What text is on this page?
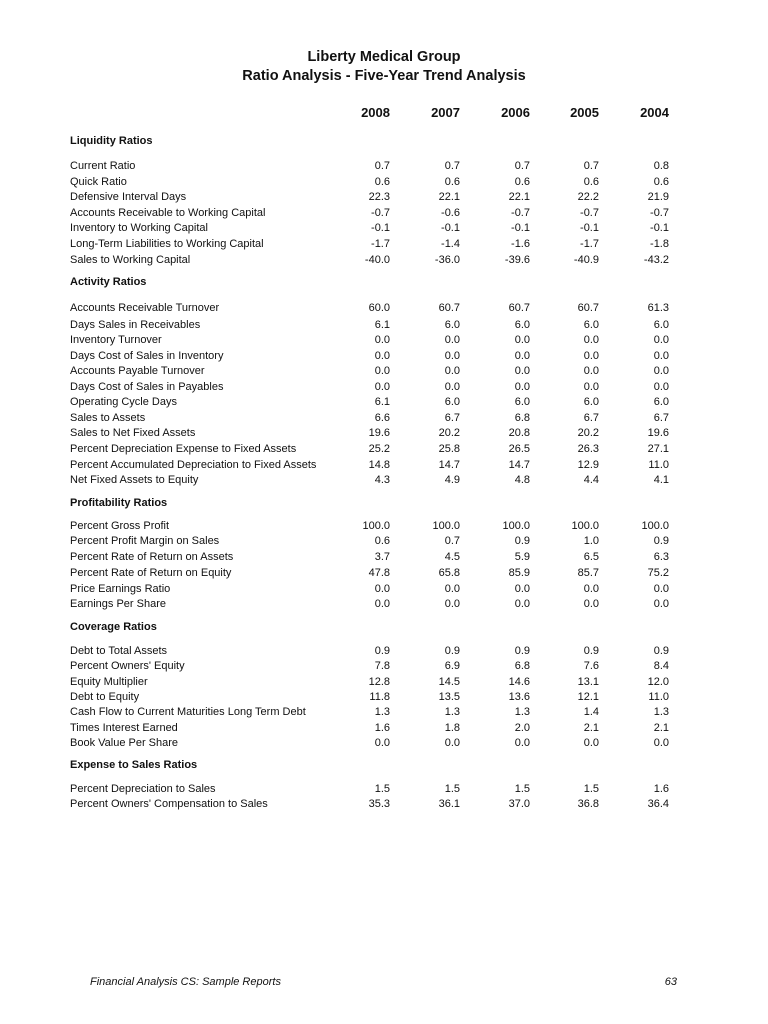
Liberty Medical Group
Ratio Analysis - Five-Year Trend Analysis
2008	2007	2006	2005	2004
Liquidity Ratios
Current Ratio	0.7	0.7	0.7	0.7	0.8
Quick Ratio	0.6	0.6	0.6	0.6	0.6
Defensive Interval Days	22.3	22.1	22.1	22.2	21.9
Accounts Receivable to Working Capital	-0.7	-0.6	-0.7	-0.7	-0.7
Inventory to Working Capital	-0.1	-0.1	-0.1	-0.1	-0.1
Long-Term Liabilities to Working Capital	-1.7	-1.4	-1.6	-1.7	-1.8
Sales to Working Capital	-40.0	-36.0	-39.6	-40.9	-43.2
Activity Ratios
Accounts Receivable Turnover	60.0	60.7	60.7	60.7	61.3
Days Sales in Receivables	6.1	6.0	6.0	6.0	6.0
Inventory Turnover	0.0	0.0	0.0	0.0	0.0
Days Cost of Sales in Inventory	0.0	0.0	0.0	0.0	0.0
Accounts Payable Turnover	0.0	0.0	0.0	0.0	0.0
Days Cost of Sales in Payables	0.0	0.0	0.0	0.0	0.0
Operating Cycle Days	6.1	6.0	6.0	6.0	6.0
Sales to Assets	6.6	6.7	6.8	6.7	6.7
Sales to Net Fixed Assets	19.6	20.2	20.8	20.2	19.6
Percent Depreciation Expense to Fixed Assets	25.2	25.8	26.5	26.3	27.1
Percent Accumulated Depreciation to Fixed Assets	14.8	14.7	14.7	12.9	11.0
Net Fixed Assets to Equity	4.3	4.9	4.8	4.4	4.1
Profitability Ratios
Percent Gross Profit	100.0	100.0	100.0	100.0	100.0
Percent Profit Margin on Sales	0.6	0.7	0.9	1.0	0.9
Percent Rate of Return on Assets	3.7	4.5	5.9	6.5	6.3
Percent Rate of Return on Equity	47.8	65.8	85.9	85.7	75.2
Price Earnings Ratio	0.0	0.0	0.0	0.0	0.0
Earnings Per Share	0.0	0.0	0.0	0.0	0.0
Coverage Ratios
Debt to Total Assets	0.9	0.9	0.9	0.9	0.9
Percent Owners' Equity	7.8	6.9	6.8	7.6	8.4
Equity Multiplier	12.8	14.5	14.6	13.1	12.0
Debt to Equity	11.8	13.5	13.6	12.1	11.0
Cash Flow to Current Maturities Long Term Debt	1.3	1.3	1.3	1.4	1.3
Times Interest Earned	1.6	1.8	2.0	2.1	2.1
Book Value Per Share	0.0	0.0	0.0	0.0	0.0
Expense to Sales Ratios
Percent Depreciation to Sales	1.5	1.5	1.5	1.5	1.6
Percent Owners' Compensation to Sales	35.3	36.1	37.0	36.8	36.4
Financial Analysis CS: Sample Reports	63
